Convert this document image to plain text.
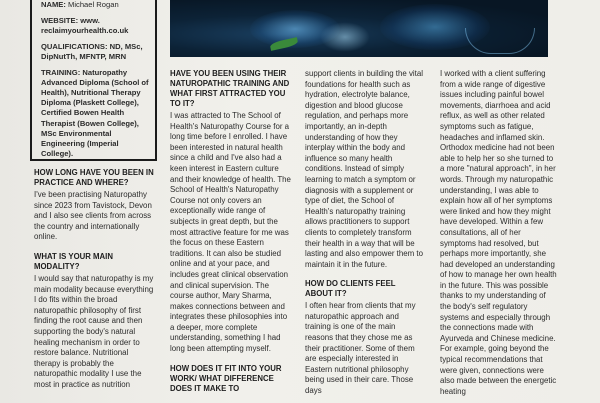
NAME: Michael Rogan

WEBSITE: www. reclaimyourhealth.co.uk

QUALIFICATIONS: ND, MSc, DipNutTh, MFNTP, MRN

TRAINING: Naturopathy Advanced Diploma (School of Health), Nutritional Therapy Diploma (Plaskett College), Certified Bowen Health Therapist (Bowen College), MSc Environmental Engineering (Imperial College).

HOW LONG HAVE YOU BEEN IN PRACTICE AND WHERE?

I've been practising Naturopathy since 2023 from Tavistock, Devon and I also see clients from across the country and internationally online.

WHAT IS YOUR MAIN MODALITY?

I would say that naturopathy is my main modality because everything I do fits within the broad naturopathic philosophy of first finding the root cause and then supporting the body's natural healing mechanism in order to restore balance. Nutritional therapy is probably the naturopathic modality I use the most in practice as nutrition

HAVE YOU BEEN USING THEIR NATUROPATHIC TRAINING AND WHAT FIRST ATTRACTED YOU TO IT?

I was attracted to The School of Health's Naturopathy Course for a long time before I enrolled. I have been interested in natural health since a child and I've also had a keen interest in Eastern culture and their knowledge of health. The School of Health's Naturopathy Course not only covers an exceptionally wide range of subjects in great depth, but the most attractive feature for me was the focus on these Eastern traditions. It can also be studied online and at your pace, and includes great clinical observation and clinical supervision. The course author, Mary Sharma, makes connections between and integrates these philosophies into a deeper, more complete understanding, something I had long been attempting myself.

HOW DOES IT FIT INTO YOUR WORK/ WHAT DIFFERENCE DOES IT MAKE TO

support clients in building the vital foundations for health such as hydration, electrolyte balance, digestion and blood glucose regulation, and perhaps more importantly, an in-depth understanding of how they interplay within the body and influence so many health conditions. Instead of simply learning to match a symptom or diagnosis with a supplement or type of diet, the School of Health's naturopathy training allows practitioners to support clients to completely transform their health in a way that will be lasting and also empower them to maintain it in the future.

HOW DO CLIENTS FEEL ABOUT IT?

I often hear from clients that my naturopathic approach and training is one of the main reasons that they chose me as their practitioner. Some of them are especially interested in Eastern nutritional philosophy being used in their care. Those days

I worked with a client suffering from a wide range of digestive issues including painful bowel movements, diarrhoea and acid reflux, as well as other related symptoms such as fatigue, headaches and inflamed skin. Orthodox medicine had not been able to help her so she turned to a more "natural approach", in her words. Through my naturopathic understanding, I was able to explain how all of her symptoms were linked and how they might have developed. Within a few consultations, all of her symptoms had resolved, but perhaps more importantly, she had developed an understanding of how to manage her own health in the future. This was possible thanks to my understanding of the body's self regulatory systems and especially through the connections made with Ayurveda and Chinese medicine. For example, going beyond the typical recommendations that were given, connections were also made between the energetic heating
